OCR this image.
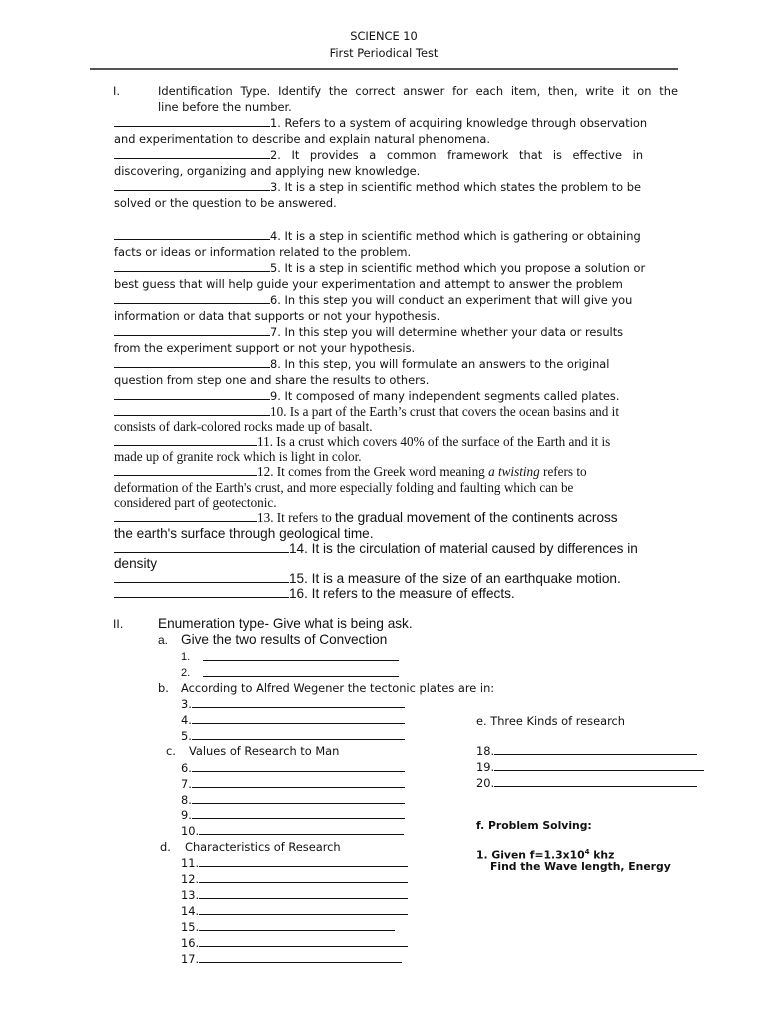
SCIENCE 10
First Periodical Test
I.	Identification Type. Identify the correct answer for each item, then, write it on the
line before the number.
1. Refers to a system of acquiring knowledge through observation
and experimentation to describe and explain natural phenomena.
2. It provides a common framework that is effective in
discovering, organizing and applying new knowledge.
3. It is a step in scientific method which states the problem to be
solved or the question to be answered.
4. It is a step in scientific method which is gathering or obtaining
facts or ideas or information related to the problem.
5. It is a step in scientific method which you propose a solution or
best guess that will help guide your experimentation and attempt to answer the problem
6. In this step you will conduct an experiment that will give you
information or data that supports or not your hypothesis.
7. In this step you will determine whether your data or results
from the experiment support or not your hypothesis.
8. In this step, you will formulate an answers to the original
question from step one and share the results to others.
9. It composed of many independent segments called plates.
10. Is a part of the Earth’s crust that covers the ocean basins and it
consists of dark-colored rocks made up of basalt.
11. Is a crust which covers 40% of the surface of the Earth and it is
made up of granite rock which is light in color.
12. It comes from the Greek word meaning a twisting refers to
deformation of the Earth's crust, and more especially folding and faulting which can be
considered part of geotectonic.
13. It refers to the gradual movement of the continents across
the earth's surface through geological time.
14. It is the circulation of material caused by differences in
density
15. It is a measure of the size of an earthquake motion.
16. It refers to the measure of effects.
II.	Enumeration type- Give what is being ask.
a. Give the two results of Convection
1.
2.
b. According to Alfred Wegener the tectonic plates are in:
3.
4.
5.
c. Values of Research to Man
6.
7.
8.
9.
10.
d. Characteristics of Research
11.
12.
13.
14.
15.
16.
17.
e. Three Kinds of research
18.
19.
20.
f. Problem Solving:
1. Given $f=1.3x10^4$ khz
Find the Wave length, Energy
